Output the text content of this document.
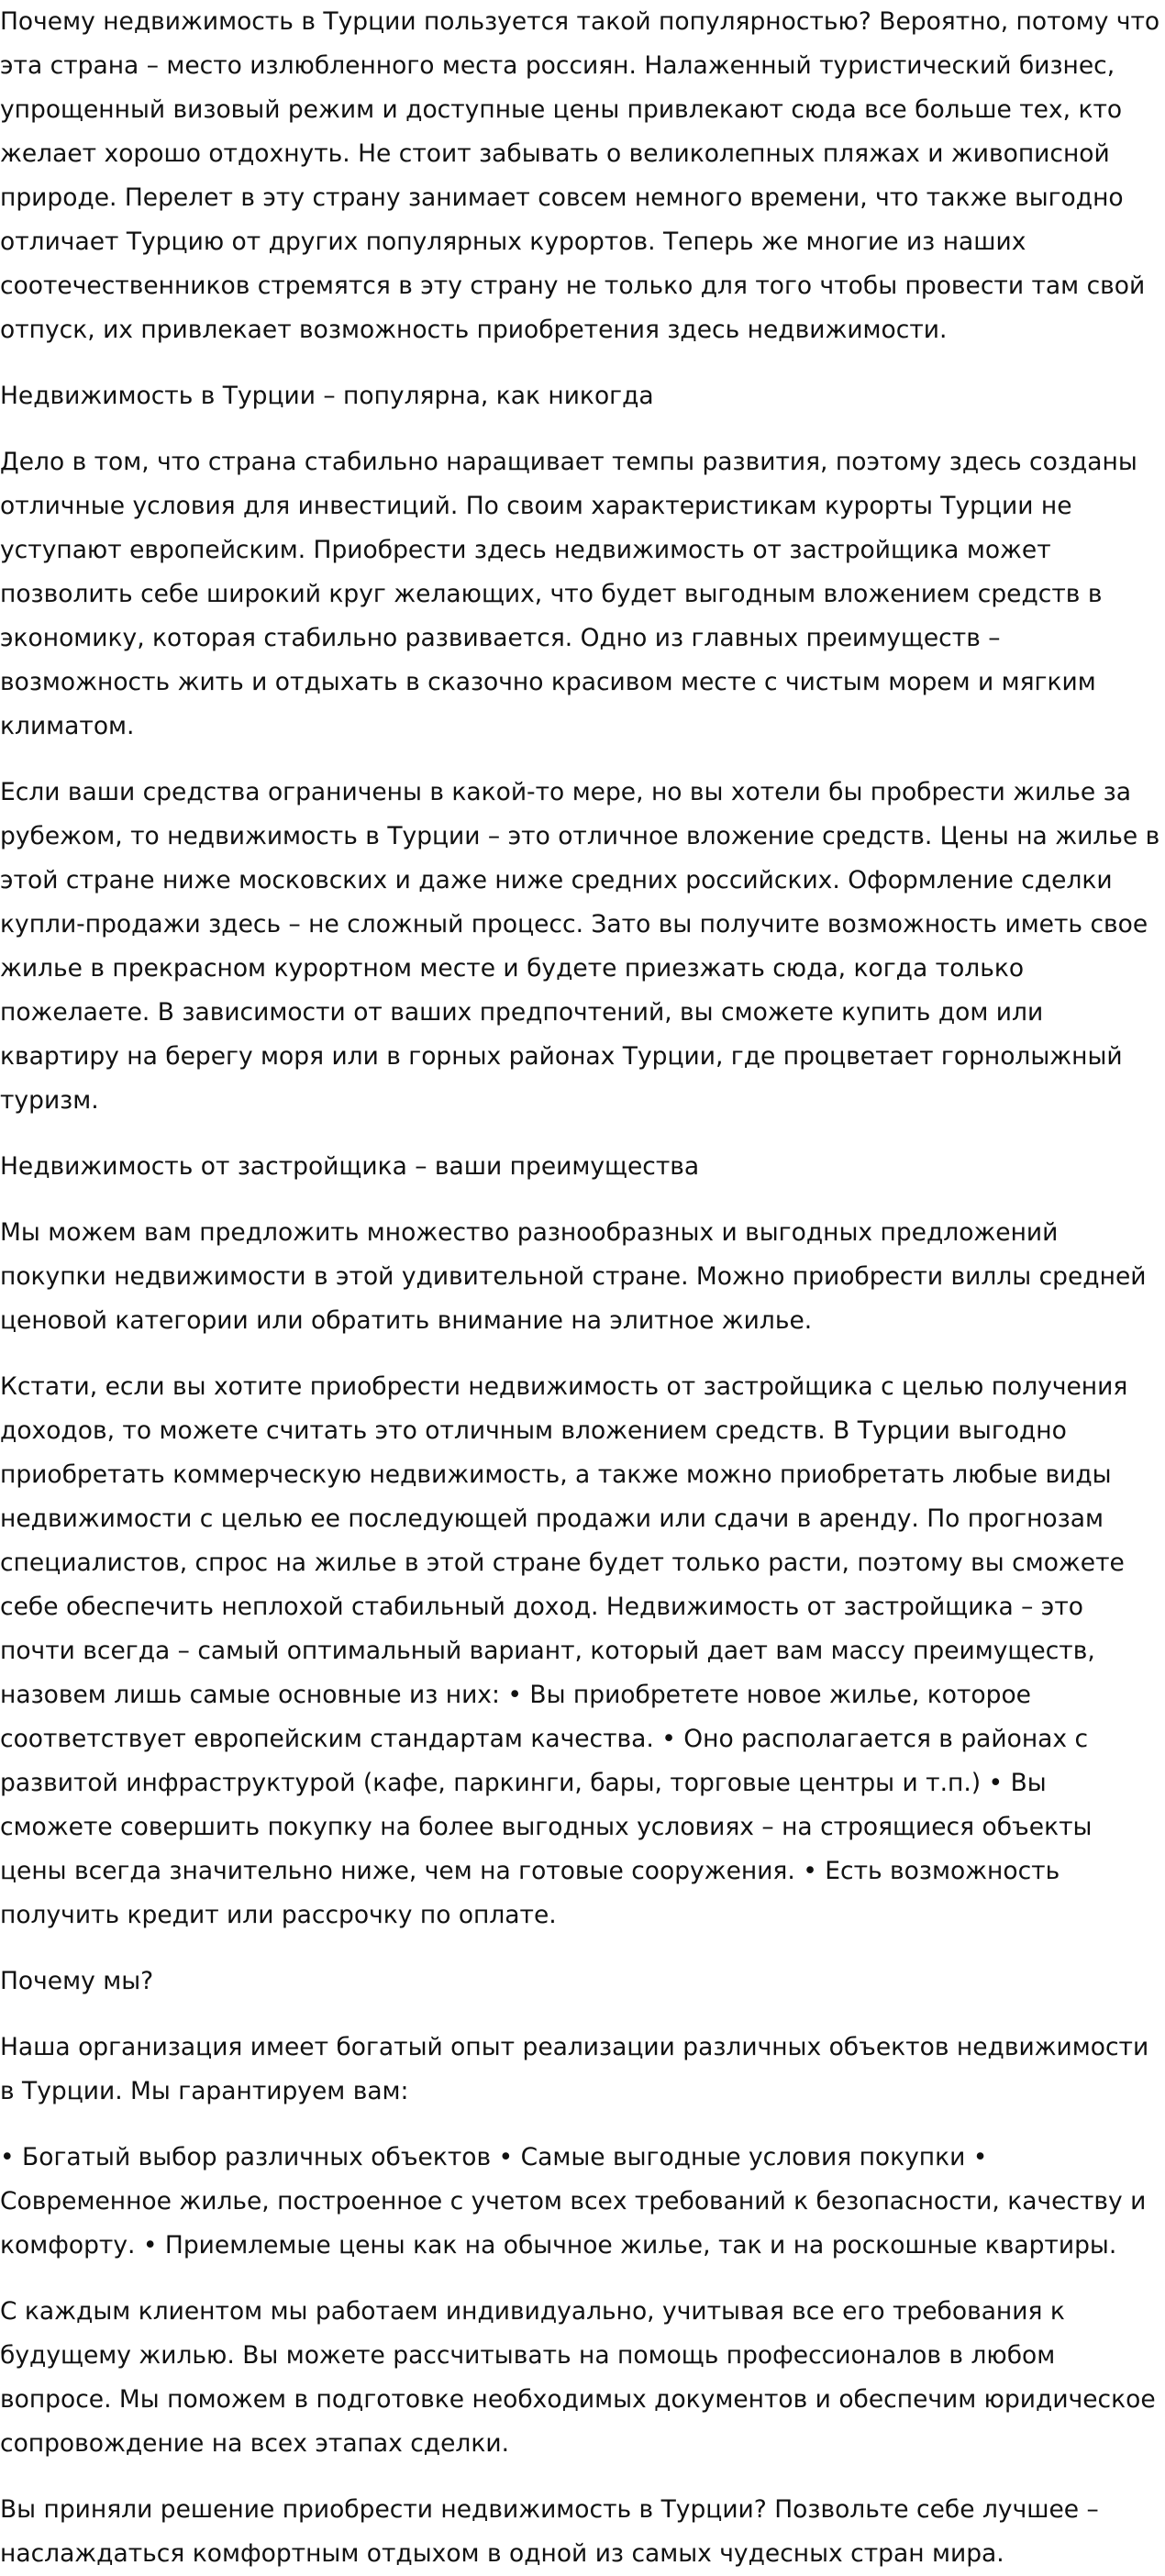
Почему недвижимость в Турции пользуется такой популярностью? Вероятно, потому что эта страна – место излюбленного места россиян. Налаженный туристический бизнес, упрощенный визовый режим и доступные цены привлекают сюда все больше тех, кто желает хорошо отдохнуть. Не стоит забывать о великолепных пляжах и живописной природе. Перелет в эту страну занимает совсем немного времени, что также выгодно отличает Турцию от других популярных курортов. Теперь же многие из наших соотечественников стремятся в эту страну не только для того чтобы провести там свой отпуск, их привлекает возможность приобретения здесь недвижимости.

Недвижимость в Турции – популярна, как никогда

Дело в том, что страна стабильно наращивает темпы развития, поэтому здесь созданы отличные условия для инвестиций. По своим характеристикам курорты Турции не уступают европейским. Приобрести здесь недвижимость от застройщика может позволить себе широкий круг желающих, что будет выгодным вложением средств в экономику, которая стабильно развивается. Одно из главных преимуществ – возможность жить и отдыхать в сказочно красивом месте с чистым морем и мягким климатом.

Если ваши средства ограничены в какой-то мере, но вы хотели бы пробрести жилье за рубежом, то недвижимость в Турции – это отличное вложение средств. Цены на жилье в этой стране ниже московских и даже ниже средних российских. Оформление сделки купли-продажи здесь – не сложный процесс. Зато вы получите возможность иметь свое жилье в прекрасном курортном месте и будете приезжать сюда, когда только пожелаете. В зависимости от ваших предпочтений, вы сможете купить дом или квартиру на берегу моря или в горных районах Турции, где процветает горнолыжный туризм.

Недвижимость от застройщика – ваши преимущества

Мы можем вам предложить множество разнообразных и выгодных предложений покупки недвижимости в этой удивительной стране. Можно приобрести виллы средней ценовой категории или обратить внимание на элитное жилье.

Кстати, если вы хотите приобрести недвижимость от застройщика с целью получения доходов, то можете считать это отличным вложением средств. В Турции выгодно приобретать коммерческую недвижимость, а также можно приобретать любые виды недвижимости с целью ее последующей продажи или сдачи в аренду. По прогнозам специалистов, спрос на жилье в этой стране будет только расти, поэтому вы сможете себе обеспечить неплохой стабильный доход. Недвижимость от застройщика – это почти всегда – самый оптимальный вариант, который дает вам массу преимуществ, назовем лишь самые основные из них: • Вы приобретете новое жилье, которое соответствует европейским стандартам качества. • Оно располагается в районах с развитой инфраструктурой (кафе, паркинги, бары, торговые центры и т.п.) • Вы сможете совершить покупку на более выгодных условиях – на строящиеся объекты цены всегда значительно ниже, чем на готовые сооружения. • Есть возможность получить кредит или рассрочку по оплате.

Почему мы?

Наша организация имеет богатый опыт реализации различных объектов недвижимости в Турции. Мы гарантируем вам:

• Богатый выбор различных объектов • Самые выгодные условия покупки • Современное жилье, построенное с учетом всех требований к безопасности, качеству и комфорту. • Приемлемые цены как на обычное жилье, так и на роскошные квартиры.

С каждым клиентом мы работаем индивидуально, учитывая все его требования к будущему жилью. Вы можете рассчитывать на помощь профессионалов в любом вопросе. Мы поможем в подготовке необходимых документов и обеспечим юридическое сопровождение на всех этапах сделки.

Вы приняли решение приобрести недвижимость в Турции? Позвольте себе лучшее – наслаждаться комфортным отдыхом в одной из самых чудесных стран мира.
